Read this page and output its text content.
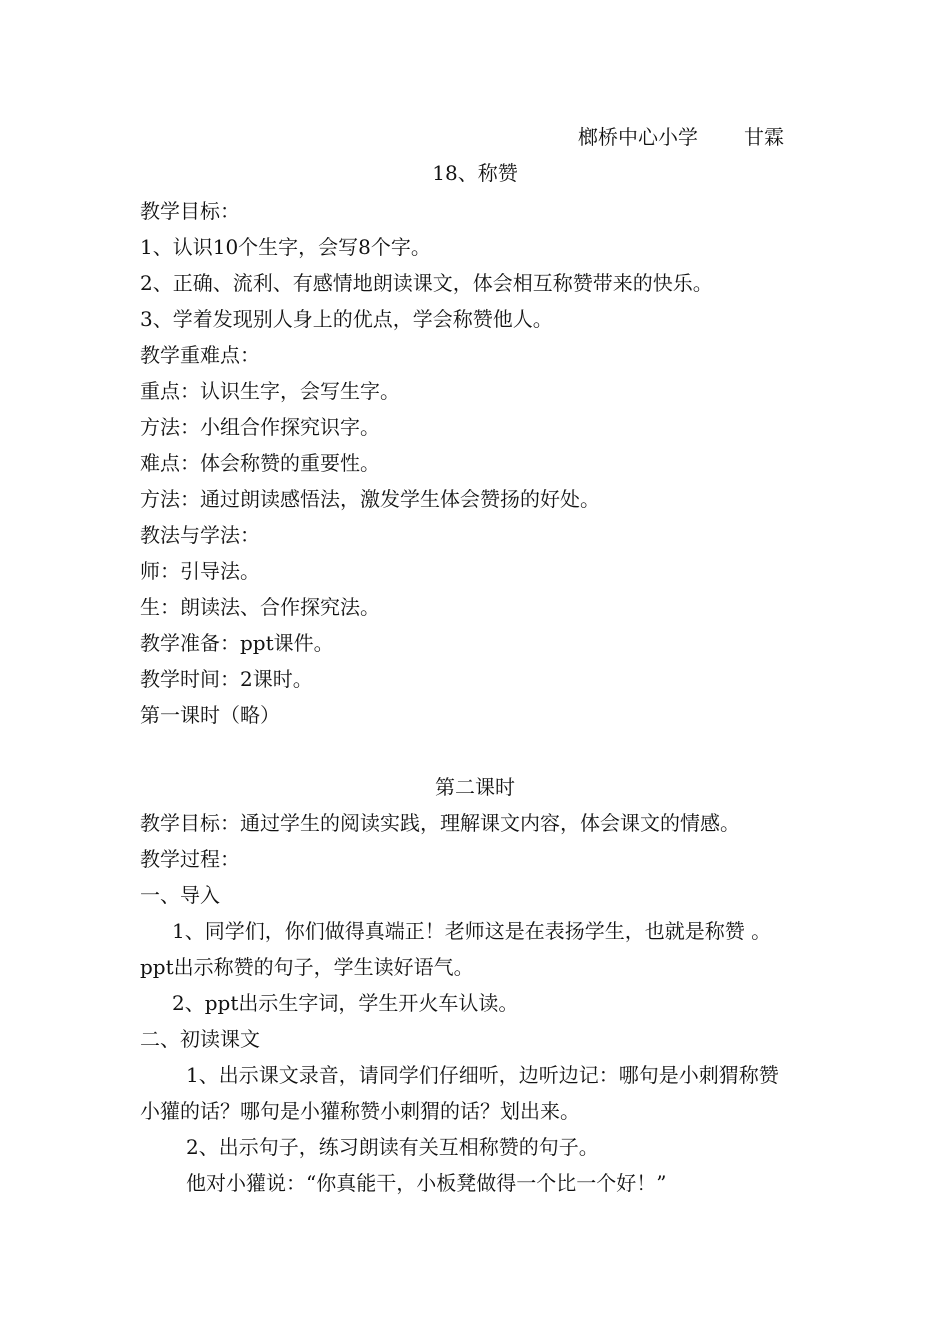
榔桥中心小学 甘霖
18、称赞
教学目标：
1、认识10个生字，会写8个字。
2、正确、流利、有感情地朗读课文，体会相互称赞带来的快乐。
3、学着发现别人身上的优点，学会称赞他人。
教学重难点：
重点：认识生字，会写生字。
方法：小组合作探究识字。
难点：体会称赞的重要性。
方法：通过朗读感悟法，激发学生体会赞扬的好处。
教法与学法：
师：引导法。
生：朗读法、合作探究法。
教学准备：ppt课件。
教学时间：2课时。
第一课时（略）
第二课时
教学目标：通过学生的阅读实践，理解课文内容，体会课文的情感。
教学过程：
一、导入
1、同学们，你们做得真端正！老师这是在表扬学生，也就是称赞 。
ppt出示称赞的句子，学生读好语气。
2、ppt出示生字词，学生开火车认读。
二、初读课文
1、出示课文录音，请同学们仔细听，边听边记：哪句是小刺猬称赞
小獾的话？哪句是小獾称赞小刺猬的话？划出来。
2、出示句子，练习朗读有关互相称赞的句子。
他对小獾说：“你真能干，小板凳做得一个比一个好！”
